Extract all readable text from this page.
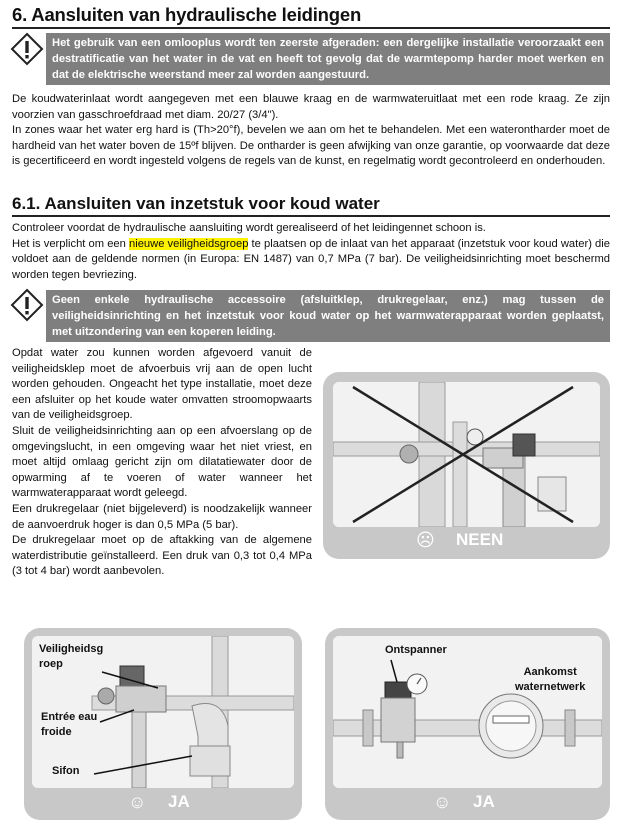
6. Aansluiten van hydraulische leidingen
Het gebruik van een omlooplus wordt ten zeerste afgeraden: een dergelijke installatie veroorzaakt een destratificatie van het water in de vat en heeft tot gevolg dat de warmtepomp harder moet werken en dat de elektrische weerstand meer zal worden aangestuurd.

De koudwaterinlaat wordt aangegeven met een blauwe kraag en de warmwateruitlaat met een rode kraag. Ze zijn voorzien van gasschroefdraad met diam. 20/27 (3/4").

In zones waar het water erg hard is (Th>20°f), bevelen we aan om het te behandelen. Met een waterontharder moet de hardheid van het water boven de 15ºf blijven. De ontharder is geen afwijking van onze garantie, op voorwaarde dat deze is gecertificeerd en wordt ingesteld volgens de regels van de kunst, en regelmatig wordt gecontroleerd en onderhouden.

6.1. Aansluiten van inzetstuk voor koud water

Controleer voordat de hydraulische aansluiting wordt gerealiseerd of het leidingennet schoon is.

Het is verplicht om een nieuwe veiligheidsgroep te plaatsen op de inlaat van het apparaat (inzetstuk voor koud water) die voldoet aan de geldende normen (in Europa: EN 1487) van 0,7 MPa (7 bar). De veiligheidsinrichting moet beschermd worden tegen bevriezing.

Geen enkele hydraulische accessoire (afsluitklep, drukregelaar, enz.) mag tussen de veiligheidsinrichting en het inzetstuk voor koud water op het warmwaterapparaat worden geplaatst, met uitzondering van een koperen leiding.

Opdat water zou kunnen worden afgevoerd vanuit de veiligheidsklep moet de afvoerbuis vrij aan de open lucht worden gehouden. Ongeacht het type installatie, moet deze een afsluiter op het koude water omvatten stroomopwaarts van de veiligheidsgroep.

Sluit de veiligheidsinrichting aan op een afvoerslang op de omgevingslucht, in een omgeving waar het niet vriest, en moet altijd omlaag gericht zijn om dilatatiewater door de opwarming af te voeren of water wanneer het warmwaterapparaat wordt geleegd.

Een drukregelaar (niet bijgeleverd) is noodzakelijk wanneer de aanvoerdruk hoger is dan 0,5 MPa (5 bar).

De drukregelaar moet op de aftakking van de algemene waterdistributie geïnstalleerd. Een druk van 0,3 tot 0,4 MPa (3 tot 4 bar) wordt aanbevolen.

☹ NEEN
Veiligheidsg
roep
Entrée eau
froide
Sifon
☺ JA
Ontspanner
Aankomst
waternetwerk
☺ JA
